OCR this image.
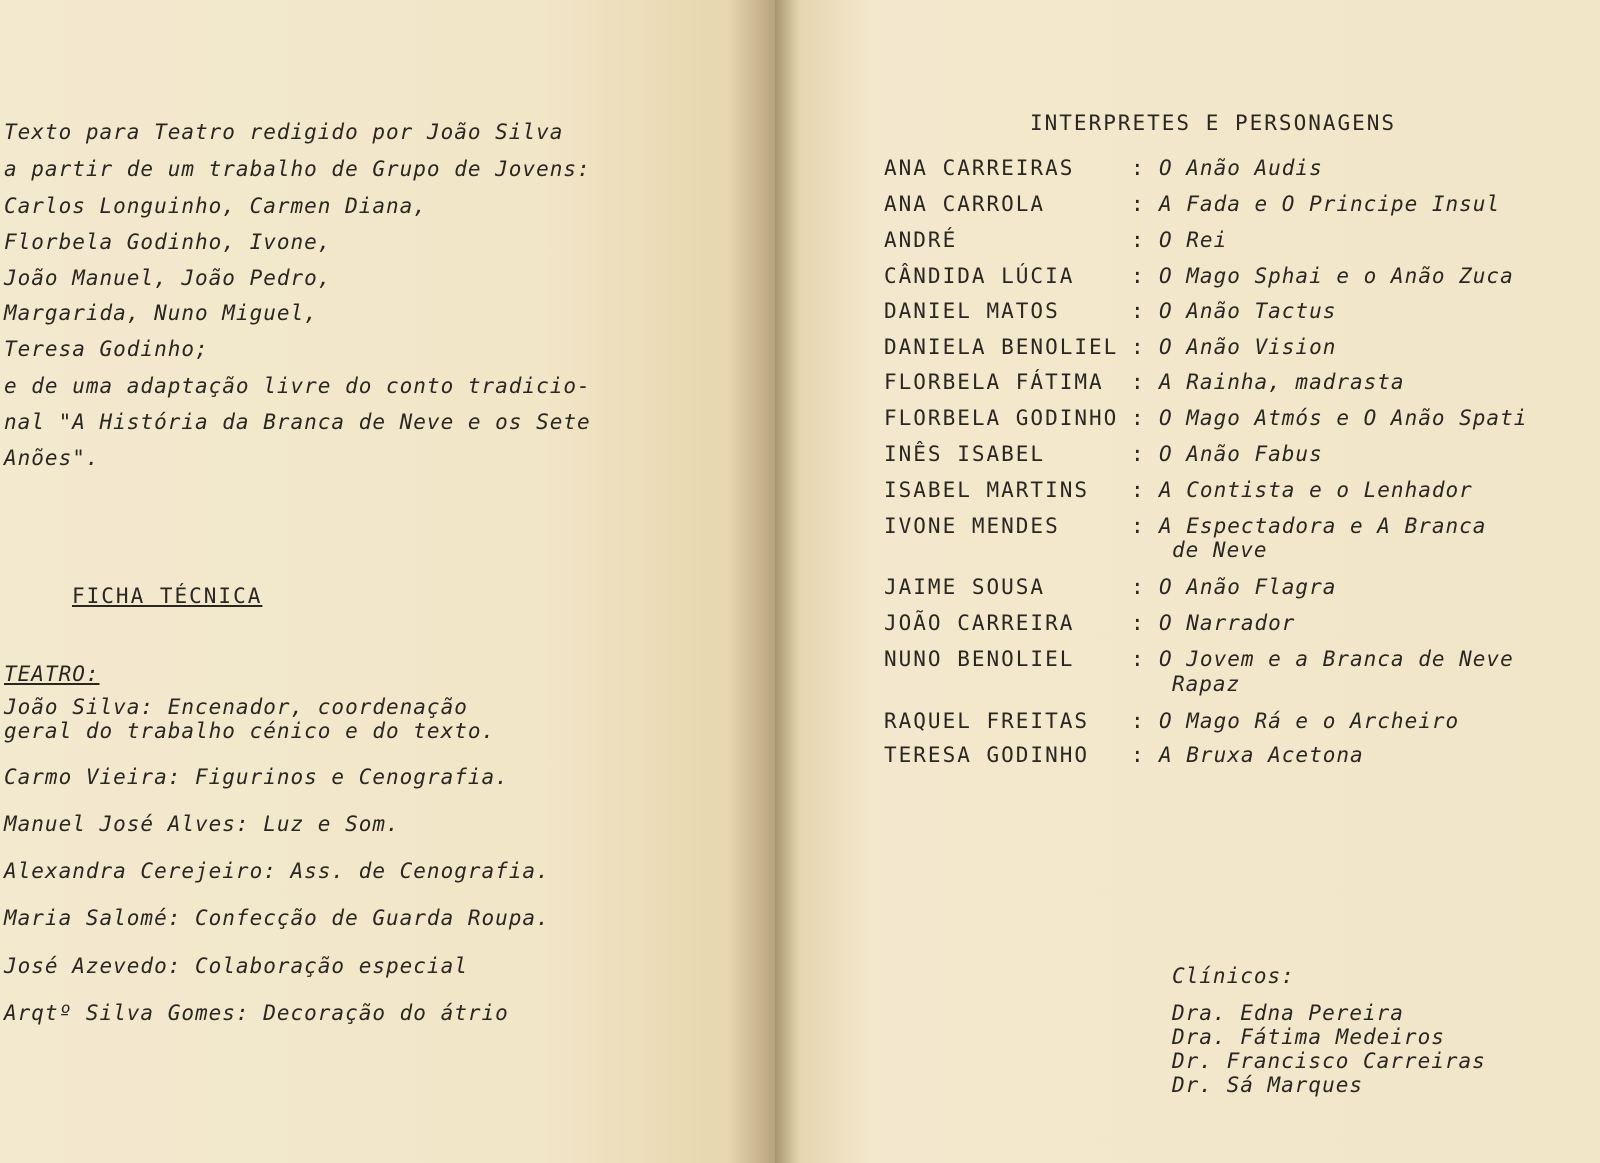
Texto para Teatro redigido por João Silva
a partir de um trabalho de Grupo de Jovens:
Carlos Longuinho, Carmen Diana,
Florbela Godinho, Ivone,
João Manuel, João Pedro,
Margarida, Nuno Miguel,
Teresa Godinho;
e de uma adaptação livre do conto tradicio-
nal "A História da Branca de Neve e os Sete
Anões".
FICHA TÉCNICA
TEATRO:
João Silva: Encenador, coordenação
geral do trabalho cénico e do texto.
Carmo Vieira: Figurinos e Cenografia.
Manuel José Alves: Luz e Som.
Alexandra Cerejeiro: Ass. de Cenografia.
Maria Salomé: Confecção de Guarda Roupa.
José Azevedo: Colaboração especial
Arqtº Silva Gomes: Decoração do átrio
INTERPRETES E PERSONAGENS
ANA CARREIRAS	: O Anão Audis
ANA CARROLA	: A Fada e O Principe Insul
ANDRÉ	: O Rei
CÂNDIDA LÚCIA	: O Mago Sphai e o Anão Zuca
DANIEL MATOS	: O Anão Tactus
DANIELA BENOLIEL : O Anão Vision
FLORBELA FÁTIMA : A Rainha, madrasta
FLORBELA GODINHO : O Mago Atmós e O Anão Spati
INÊS ISABEL	: O Anão Fabus
ISABEL MARTINS : A Contista e o Lenhador
IVONE MENDES	: A Espectadora e A Branca
de Neve
JAIME SOUSA	: O Anão Flagra
JOÃO CARREIRA	: O Narrador
NUNO BENOLIEL	: O Jovem e a Branca de Neve
Rapaz
RAQUEL FREITAS : O Mago Rá e o Archeiro
TERESA GODINHO : A Bruxa Acetona
Clínicos:
Dra. Edna Pereira
Dra. Fátima Medeiros
Dr. Francisco Carreiras
Dr. Sá Marques
